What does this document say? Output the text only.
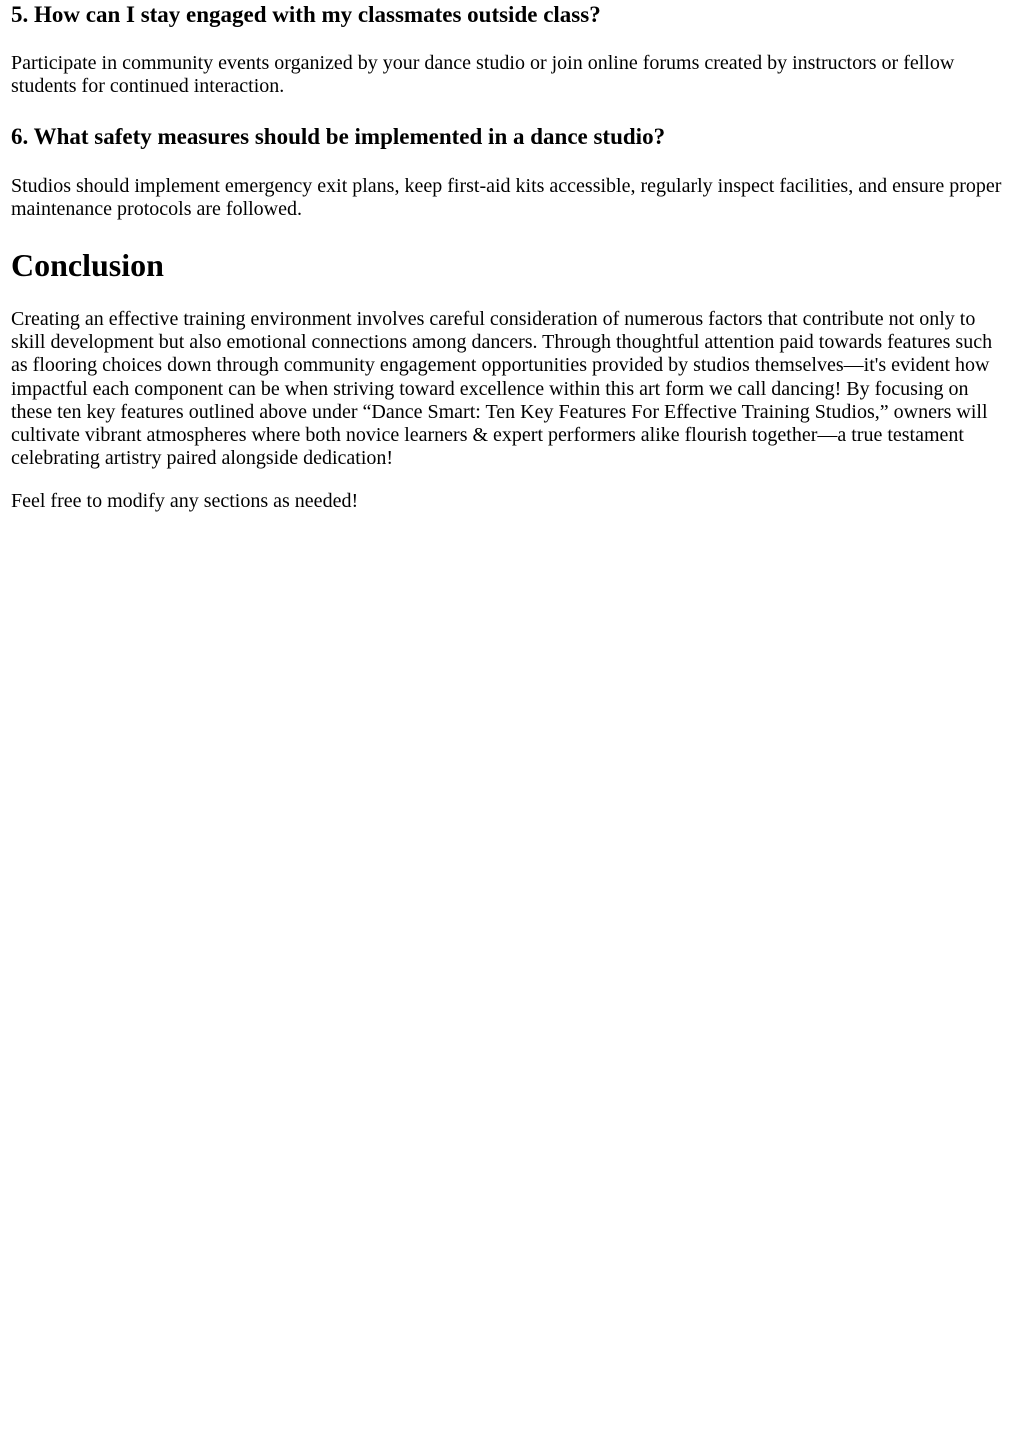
5. How can I stay engaged with my classmates outside class?

Participate in community events organized by your dance studio or join online forums created by instructors or fellow students for continued interaction.

6. What safety measures should be implemented in a dance studio?

Studios should implement emergency exit plans, keep first-aid kits accessible, regularly inspect facilities, and ensure proper maintenance protocols are followed.

Conclusion

Creating an effective training environment involves careful consideration of numerous factors that contribute not only to skill development but also emotional connections among dancers. Through thoughtful attention paid towards features such as flooring choices down through community engagement opportunities provided by studios themselves—it's evident how impactful each component can be when striving toward excellence within this art form we call dancing! By focusing on these ten key features outlined above under “Dance Smart: Ten Key Features For Effective Training Studios,” owners will cultivate vibrant atmospheres where both novice learners & expert performers alike flourish together—a true testament celebrating artistry paired alongside dedication!

Feel free to modify any sections as needed!
